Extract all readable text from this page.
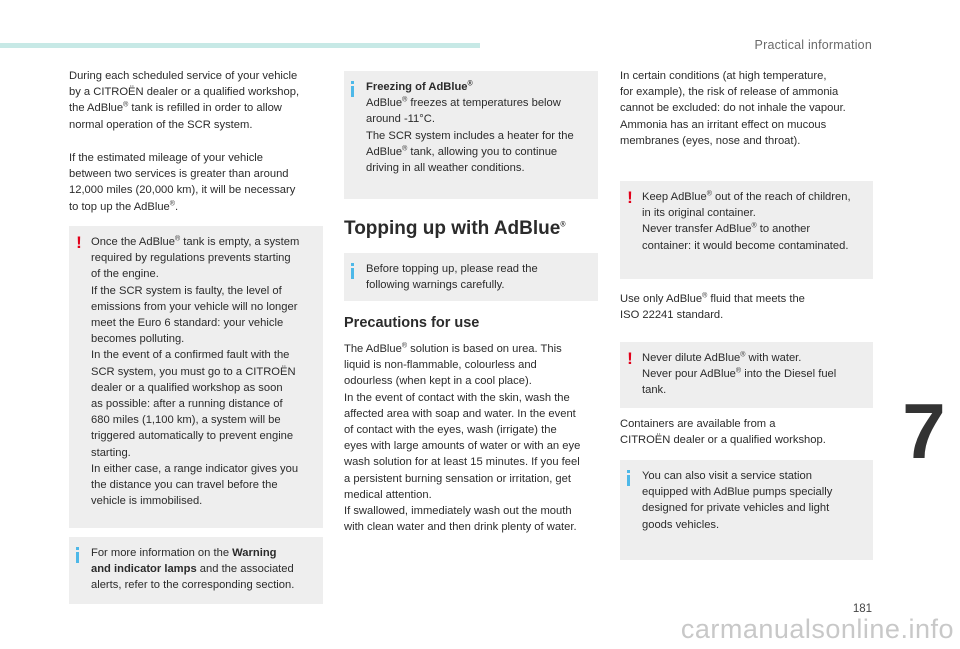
Practical information
During each scheduled service of your vehicle
by a CITROËN dealer or a qualified workshop,
the AdBlue® tank is refilled in order to allow
normal operation of the SCR system.
If the estimated mileage of your vehicle
between two services is greater than around
12,000 miles (20,000 km), it will be necessary
to top up the AdBlue®.
! Once the AdBlue® tank is empty, a system
required by regulations prevents starting
of the engine.
If the SCR system is faulty, the level of
emissions from your vehicle will no longer
meet the Euro 6 standard: your vehicle
becomes polluting.
In the event of a confirmed fault with the
SCR system, you must go to a CITROËN
dealer or a qualified workshop as soon
as possible: after a running distance of
680 miles (1,100 km), a system will be
triggered automatically to prevent engine
starting.
In either case, a range indicator gives you
the distance you can travel before the
vehicle is immobilised.
For more information on the Warning
and indicator lamps and the associated
alerts, refer to the corresponding section.
Freezing of AdBlue®
AdBlue® freezes at temperatures below
around -11°C.
The SCR system includes a heater for the
AdBlue® tank, allowing you to continue
driving in all weather conditions.
Topping up with AdBlue®
Before topping up, please read the
following warnings carefully.
Precautions for use
The AdBlue® solution is based on urea. This
liquid is non-flammable, colourless and
odourless (when kept in a cool place).
In the event of contact with the skin, wash the
affected area with soap and water. In the event
of contact with the eyes, wash (irrigate) the
eyes with large amounts of water or with an eye
wash solution for at least 15 minutes. If you feel
a persistent burning sensation or irritation, get
medical attention.
If swallowed, immediately wash out the mouth
with clean water and then drink plenty of water.
In certain conditions (at high temperature,
for example), the risk of release of ammonia
cannot be excluded: do not inhale the vapour.
Ammonia has an irritant effect on mucous
membranes (eyes, nose and throat).
! Keep AdBlue® out of the reach of children,
in its original container.
Never transfer AdBlue® to another
container: it would become contaminated.
Use only AdBlue® fluid that meets the
ISO 22241 standard.
! Never dilute AdBlue® with water.
Never pour AdBlue® into the Diesel fuel
tank.
Containers are available from a
CITROËN dealer or a qualified workshop.
You can also visit a service station
equipped with AdBlue pumps specially
designed for private vehicles and light
goods vehicles.
7
181
carmanualsonline.info
